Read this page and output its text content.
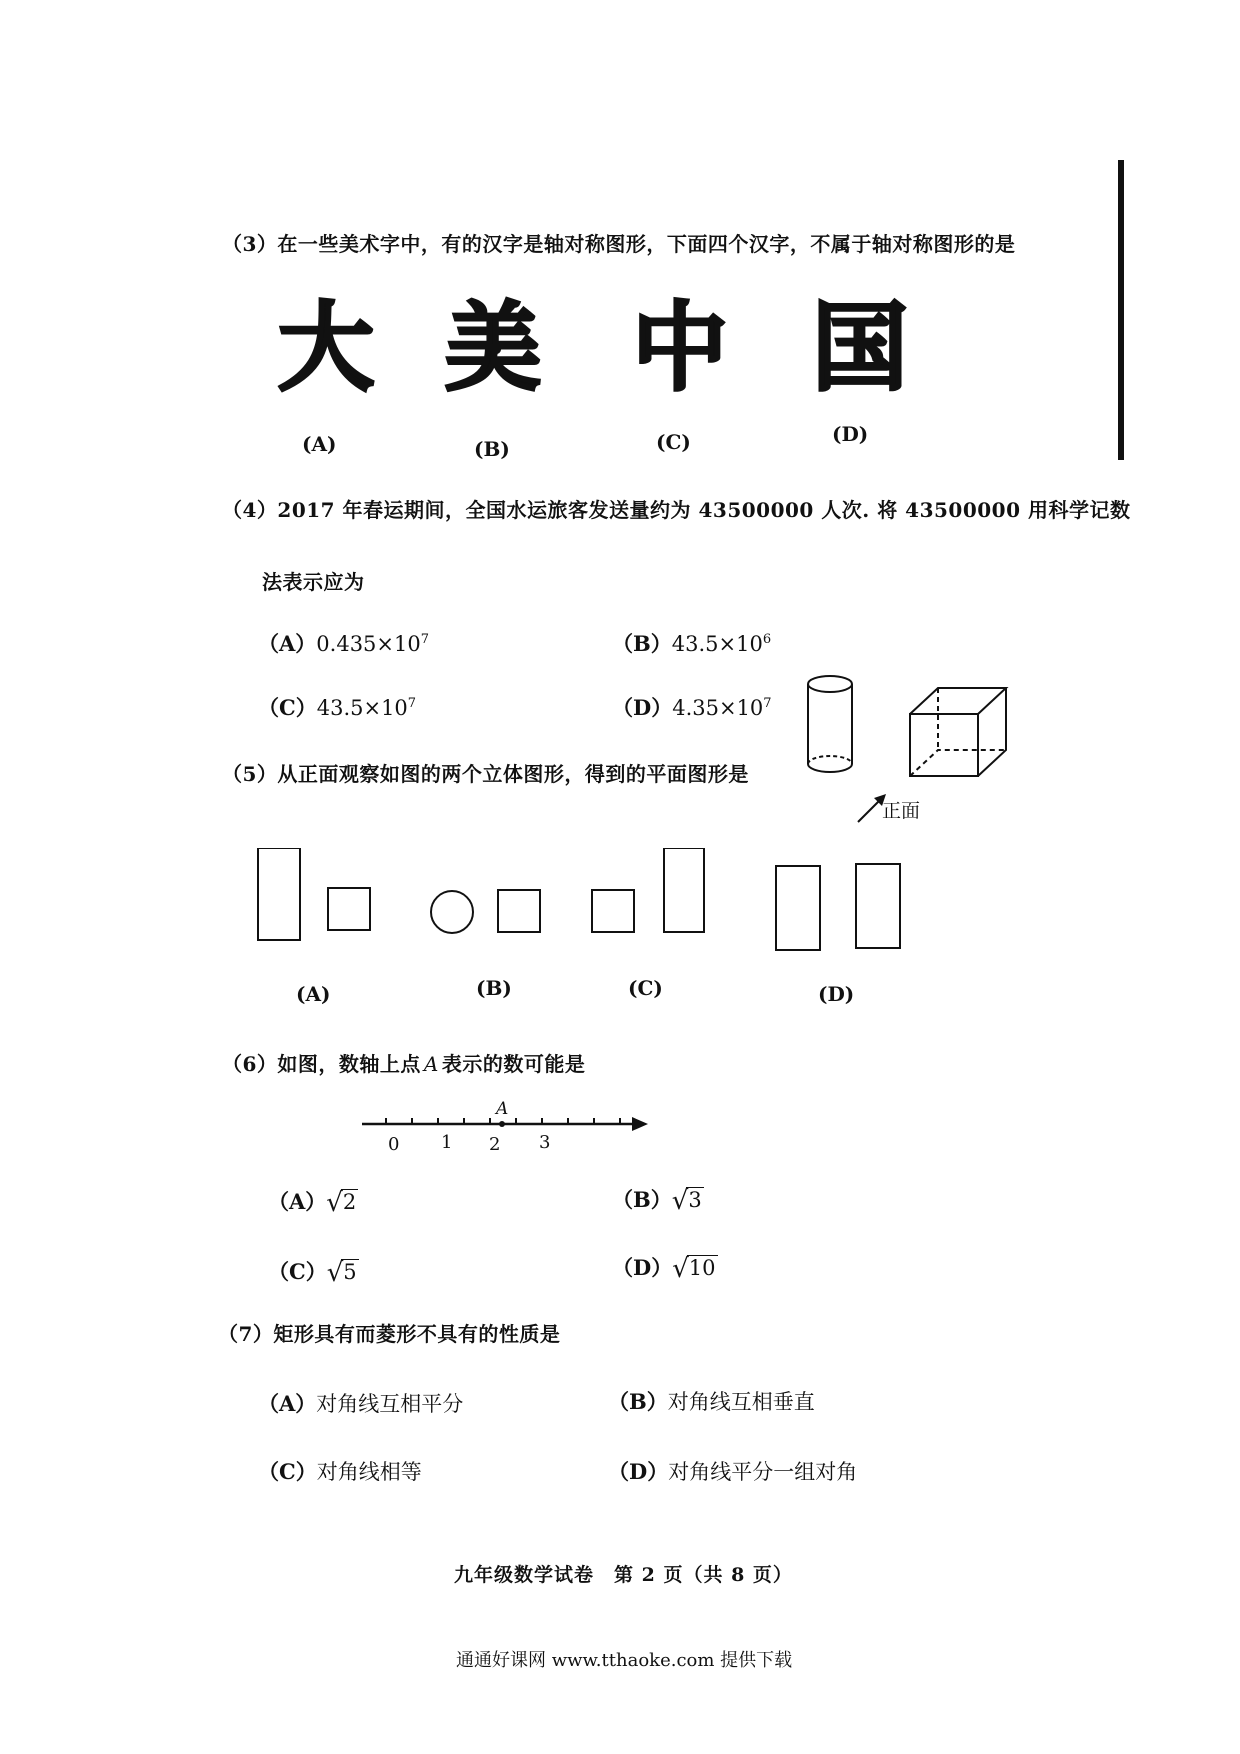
（3）在一些美术字中，有的汉字是轴对称图形，下面四个汉字，不属于轴对称图形的是
大 美 中 国
(A)	(B)	(C)	(D)
（4）2017 年春运期间，全国水运旅客发送量约为 43500000 人次. 将 43500000 用科学记数
法表示应为
$(A)0.435\times 10^7$	$(B)43.5\times 10^6$
$(C)43.5\times 10^7$	$(D)4.35\times 10^7$
正面
（5）从正面观察如图的两个立体图形，得到的平面图形是
(A)	(B)	(C)	(D)
（6）如图，数轴上点 A 表示的数可能是
A
0 1 2 3
（A）√2	（B）√3
（C）√5	（D）√10
（7）矩形具有而菱形不具有的性质是
（A）对角线互相平分	（B）对角线互相垂直
（C）对角线相等	（D）对角线平分一组对角
九年级数学试卷　第 2 页（共 8 页）
通通好课网 www.tthaoke.com 提供下载
